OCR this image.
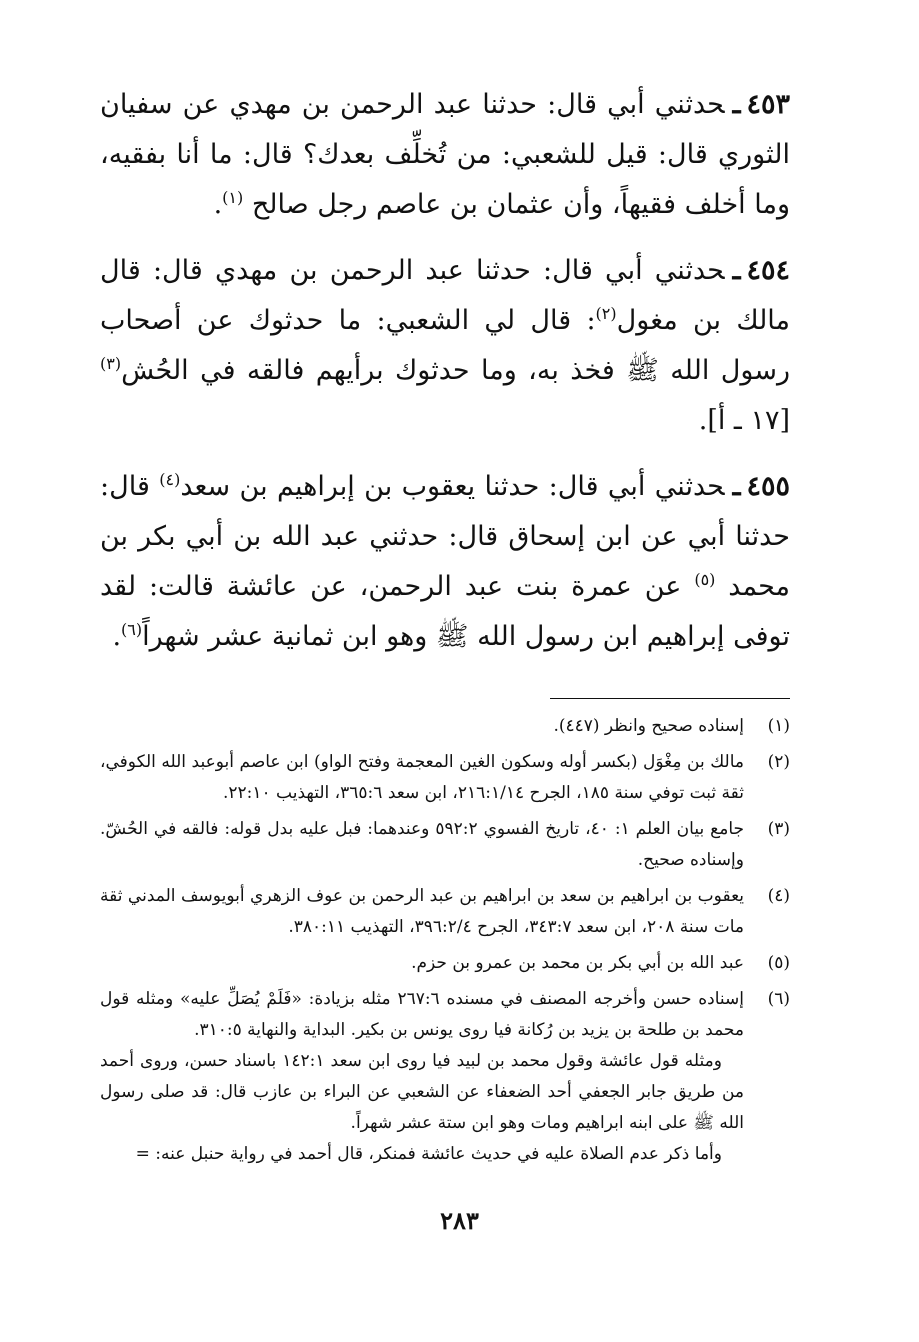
٤٥٣ـحدثني أبي قال: حدثنا عبد الرحمن بن مهدي عن سفيان الثوري قال: قيل للشعبي: من تُخلِّف بعدك؟ قال: ما أنا بفقيه، وما أخلف فقيهاً، وأن عثمان بن عاصم رجل صالح $^{(١)}$.

٤٥٤ـحدثني أبي قال: حدثنا عبد الرحمن بن مهدي قال: قال مالك بن مغول$^{(٢)}$: قال لي الشعبي: ما حدثوك عن أصحاب رسول الله ﷺ فخذ به، وما حدثوك برأيهم فالقه في الحُش$^{(٣)}$ [١٧ ـ أ].

٤٥٥ـحدثني أبي قال: حدثنا يعقوب بن إبراهيم بن سعد$^{(٤)}$ قال: حدثنا أبي عن ابن إسحاق قال: حدثني عبد الله بن أبي بكر بن محمد $^{(٥)}$ عن عمرة بنت عبد الرحمن، عن عائشة قالت: لقد توفى إبراهيم ابن رسول الله ﷺ وهو ابن ثمانية عشر شهراً$^{(٦)}$.

(١)
إسناده صحيح وانظر (٤٤٧).
(٢)
مالك بن مِغْوَل (بكسر أوله وسكون الغين المعجمة وفتح الواو) ابن عاصم أبوعبد الله الكوفي، ثقة ثبت توفي سنة ١٨٥، الجرح ٢١٦:١/١٤، ابن سعد ٣٦٥:٦، التهذيب ٢٢:١٠.
(٣)
جامع بيان العلم ١: ٤٠، تاريخ الفسوي ٥٩٢:٢ وعندهما: فبل عليه بدل قوله: فالقه في الحُشّ. وإسناده صحيح.
(٤)
يعقوب بن ابراهيم بن سعد بن ابراهيم بن عبد الرحمن بن عوف الزهري أبويوسف المدني ثقة مات سنة ٢٠٨، ابن سعد ٣٤٣:٧، الجرح ٣٩٦:٢/٤، التهذيب ٣٨٠:١١.
(٥)
عبد الله بن أبي بكر بن محمد بن عمرو بن حزم.
(٦)
إسناده حسن وأخرجه المصنف في مسنده ٢٦٧:٦ مثله بزيادة: «فَلَمْ يُصَلِّ عليه» ومثله قول محمد بن طلحة بن يزيد بن رُكانة فيا روى يونس بن بكير. البداية والنهاية ٣١٠:٥.
ومثله قول عائشة وقول محمد بن لبيد فيا روى ابن سعد ١٤٢:١ باسناد حسن، وروى أحمد من طريق جابر الجعفي أحد الضعفاء عن الشعبي عن البراء بن عازب قال: قد صلى رسول الله ﷺ على ابنه ابراهيم ومات وهو ابن ستة عشر شهراً.
وأما ذكر عدم الصلاة عليه في حديث عائشة فمنكر، قال أحمد في رواية حنبل عنه: =
٢٨٣
